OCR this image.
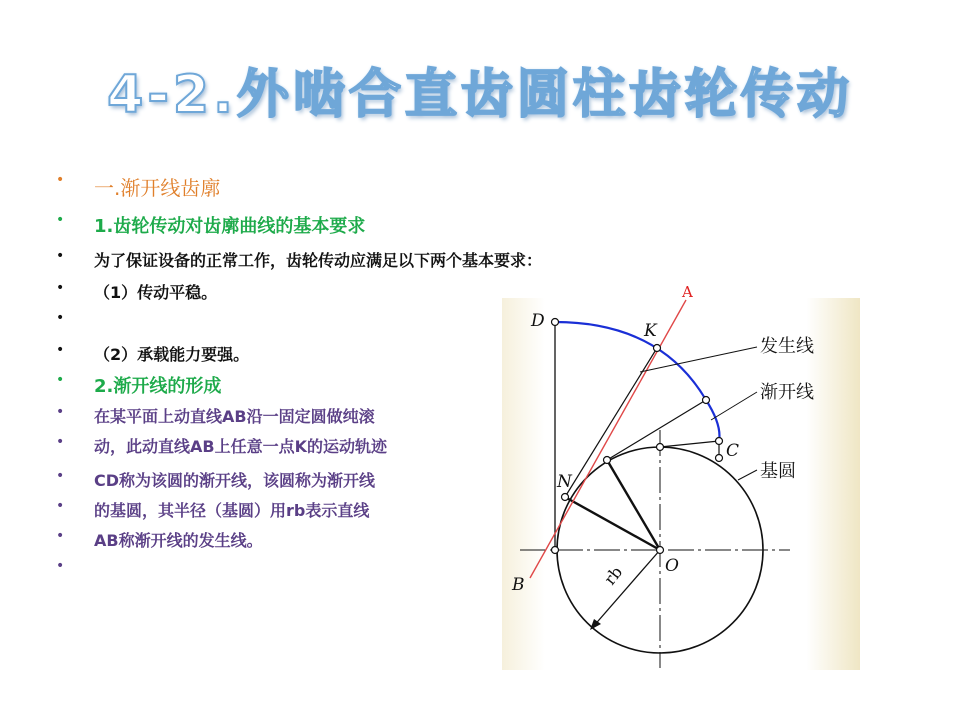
4-2.外啮合直齿圆柱齿轮传动
• 一.渐开线齿廓
• 1.齿轮传动对齿廓曲线的基本要求
• 为了保证设备的正常工作，齿轮传动应满足以下两个基本要求：
• （1）传动平稳。
•
• （2）承载能力要强。
• 2.渐开线的形成
• 在某平面上动直线AB沿一固定圆做纯滚
• 动，此动直线AB上任意一点K的运动轨迹
• CD称为该圆的渐开线，该圆称为渐开线
• 的基圆，其半径（基圆）用rb表示直线
• AB称渐开线的发生线。
•
A
B
C
D	K
N
O
rb
发生线
渐开线
基圆
